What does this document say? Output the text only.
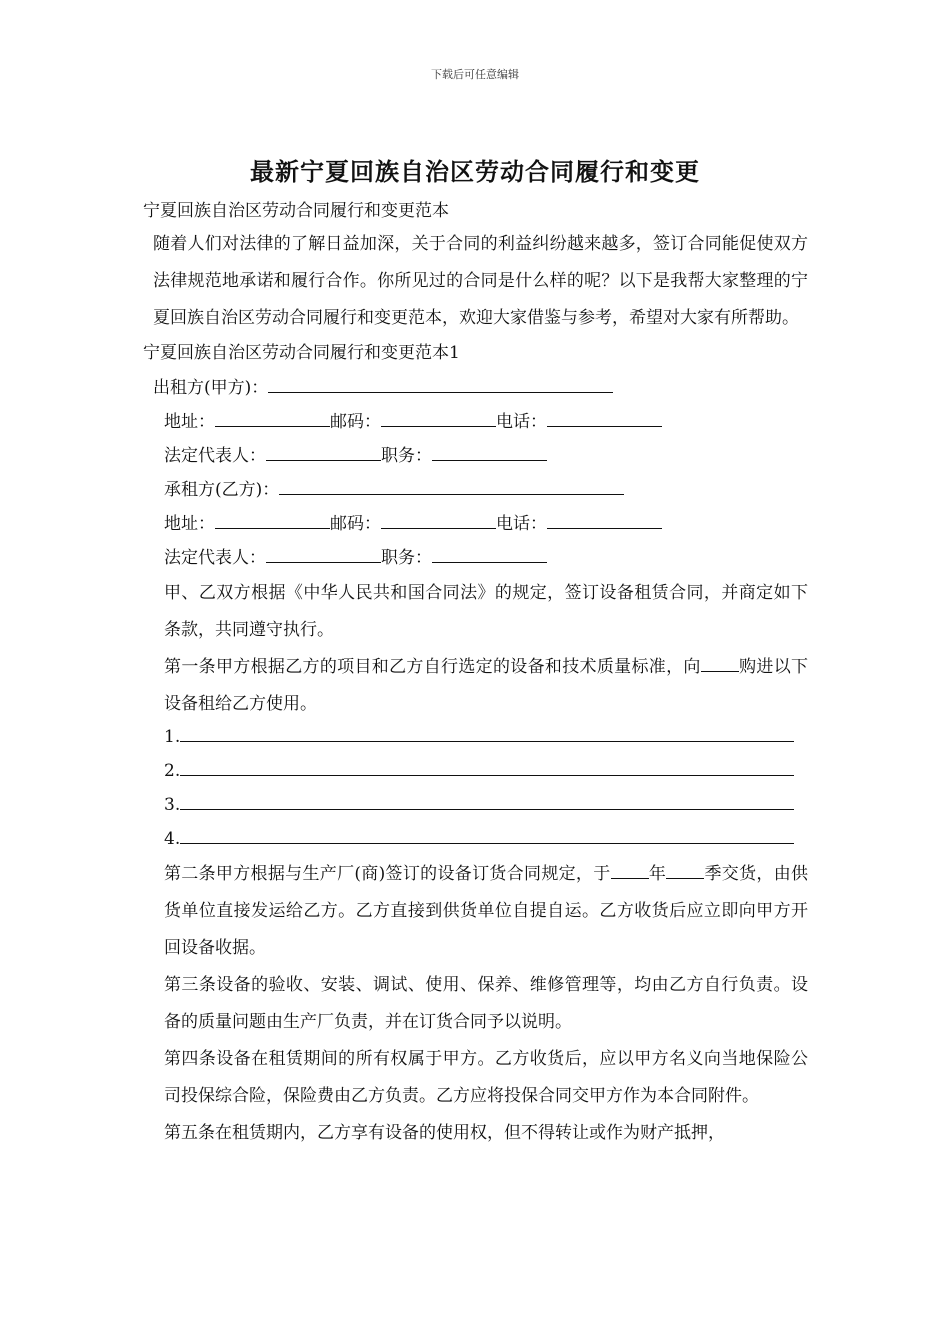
下载后可任意编辑
最新宁夏回族自治区劳动合同履行和变更
宁夏回族自治区劳动合同履行和变更范本
随着人们对法律的了解日益加深，关于合同的利益纠纷越来越多，签订合同能促使双方法律规范地承诺和履行合作。你所见过的合同是什么样的呢？以下是我帮大家整理的宁夏回族自治区劳动合同履行和变更范本，欢迎大家借鉴与参考，希望对大家有所帮助。
宁夏回族自治区劳动合同履行和变更范本1
出租方(甲方)：
地址：	邮码：	电话：
法定代表人：	职务：
承租方(乙方)：
地址：	邮码：	电话：
法定代表人：	职务：
甲、乙双方根据《中华人民共和国合同法》的规定，签订设备租赁合同，并商定如下条款，共同遵守执行。
第一条甲方根据乙方的项目和乙方自行选定的设备和技术质量标准，向 购进以下设备租给乙方使用。
1.
2.
3.
4.
第二条甲方根据与生产厂(商)签订的设备订货合同规定，于 年 季交货，由供货单位直接发运给乙方。乙方直接到供货单位自提自运。乙方收货后应立即向甲方开回设备收据。
第三条设备的验收、安装、调试、使用、保养、维修管理等，均由乙方自行负责。设备的质量问题由生产厂负责，并在订货合同予以说明。
第四条设备在租赁期间的所有权属于甲方。乙方收货后，应以甲方名义向当地保险公司投保综合险，保险费由乙方负责。乙方应将投保合同交甲方作为本合同附件。
第五条在租赁期内，乙方享有设备的使用权，但不得转让或作为财产抵押，
